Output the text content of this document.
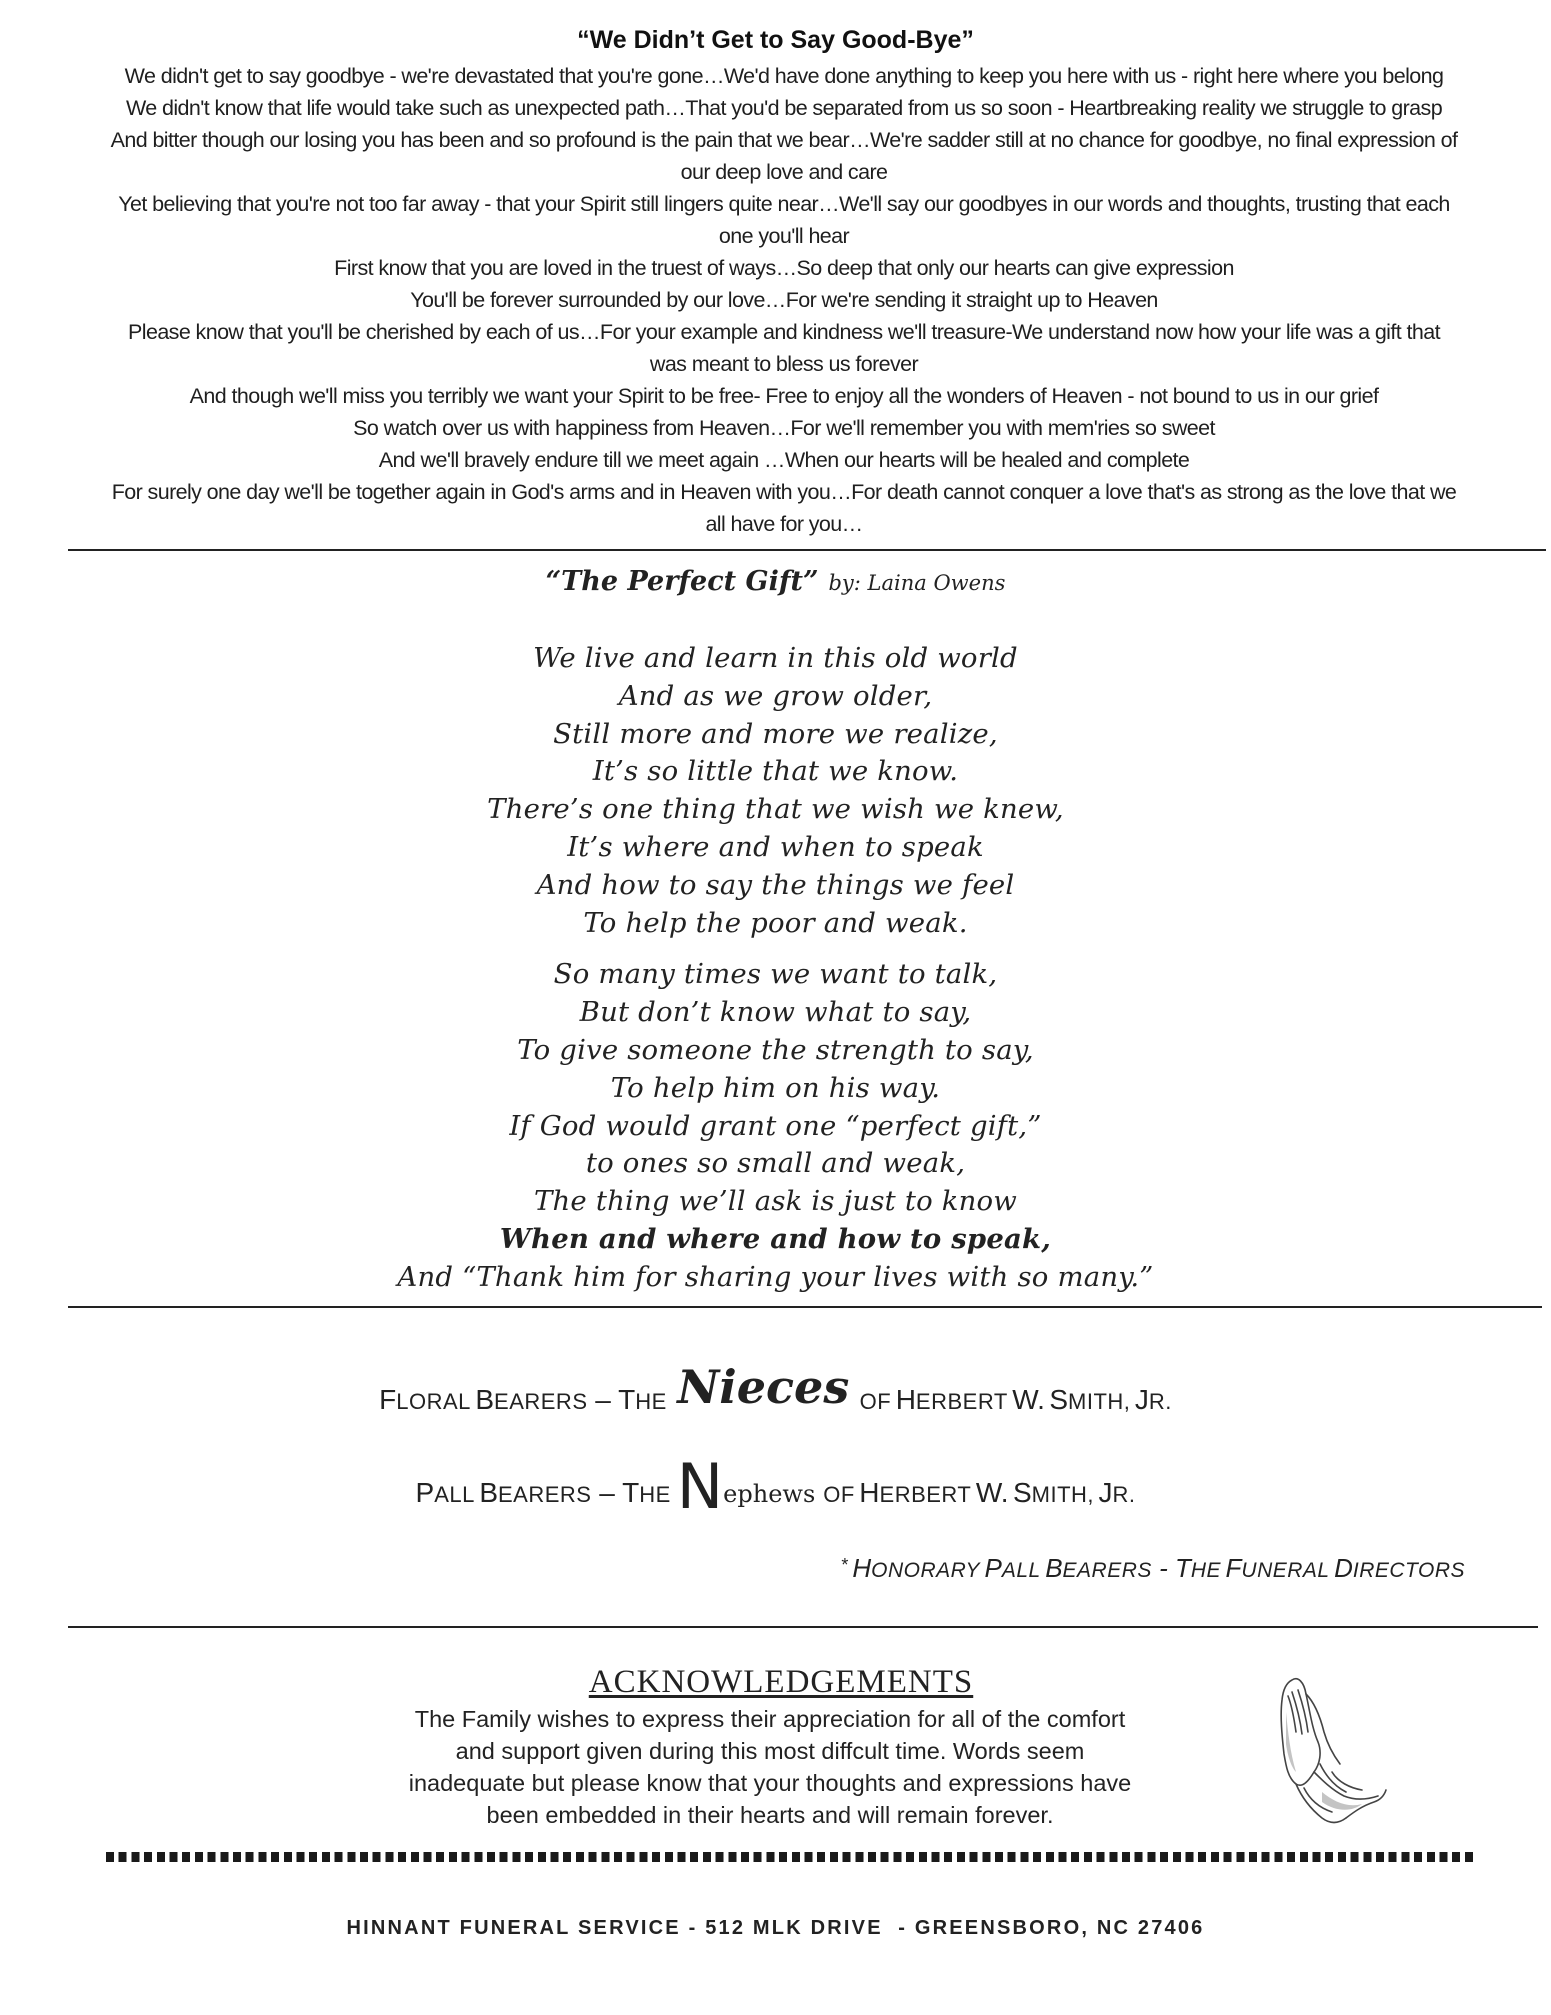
“We Didn’t Get to Say Good-Bye”
We didn't get to say goodbye - we're devastated that you're gone…We'd have done anything to keep you here with us - right here where you belong
We didn't know that life would take such as unexpected path…That you'd be separated from us so soon - Heartbreaking reality we struggle to grasp
And bitter though our losing you has been and so profound is the pain that we bear…We're sadder still at no chance for goodbye, no final expression of
our deep love and care
Yet believing that you're not too far away - that your Spirit still lingers quite near…We'll say our goodbyes in our words and thoughts, trusting that each
one you'll hear
First know that you are loved in the truest of ways…So deep that only our hearts can give expression
You'll be forever surrounded by our love…For we're sending it straight up to Heaven
Please know that you'll be cherished by each of us…For your example and kindness we'll treasure-We understand now how your life was a gift that
was meant to bless us forever
And though we'll miss you terribly we want your Spirit to be free- Free to enjoy all the wonders of Heaven - not bound to us in our grief
So watch over us with happiness from Heaven…For we'll remember you with mem'ries so sweet
And we'll bravely endure till we meet again …When our hearts will be healed and complete
For surely one day we'll be together again in God's arms and in Heaven with you…For death cannot conquer a love that's as strong as the love that we
all have for you…
“The Perfect Gift” by: Laina Owens
We live and learn in this old world
And as we grow older,
Still more and more we realize,
It’s so little that we know.
There’s one thing that we wish we knew,
It’s where and when to speak
And how to say the things we feel
To help the poor and weak.
So many times we want to talk,
But don’t know what to say,
To give someone the strength to say,
To help him on his way.
If God would grant one “perfect gift,”
to ones so small and weak,
The thing we’ll ask is just to know
When and where and how to speak,
And “Thank him for sharing your lives with so many.”
FLORAL BEARERS – THE Nieces OF HERBERT W. SMITH, JR.
PALL BEARERS – THENephews OF HERBERT W. SMITH, JR.
* HONORARY PALL BEARERS - THE FUNERAL DIRECTORS
ACKNOWLEDGEMENTS
The Family wishes to express their appreciation for all of the comfort
and support given during this most diffcult time. Words seem
inadequate but please know that your thoughts and expressions have
been embedded in their hearts and will remain forever.
HINNANT FUNERAL SERVICE - 512 MLK DRIVE  - GREENSBORO, NC 27406
